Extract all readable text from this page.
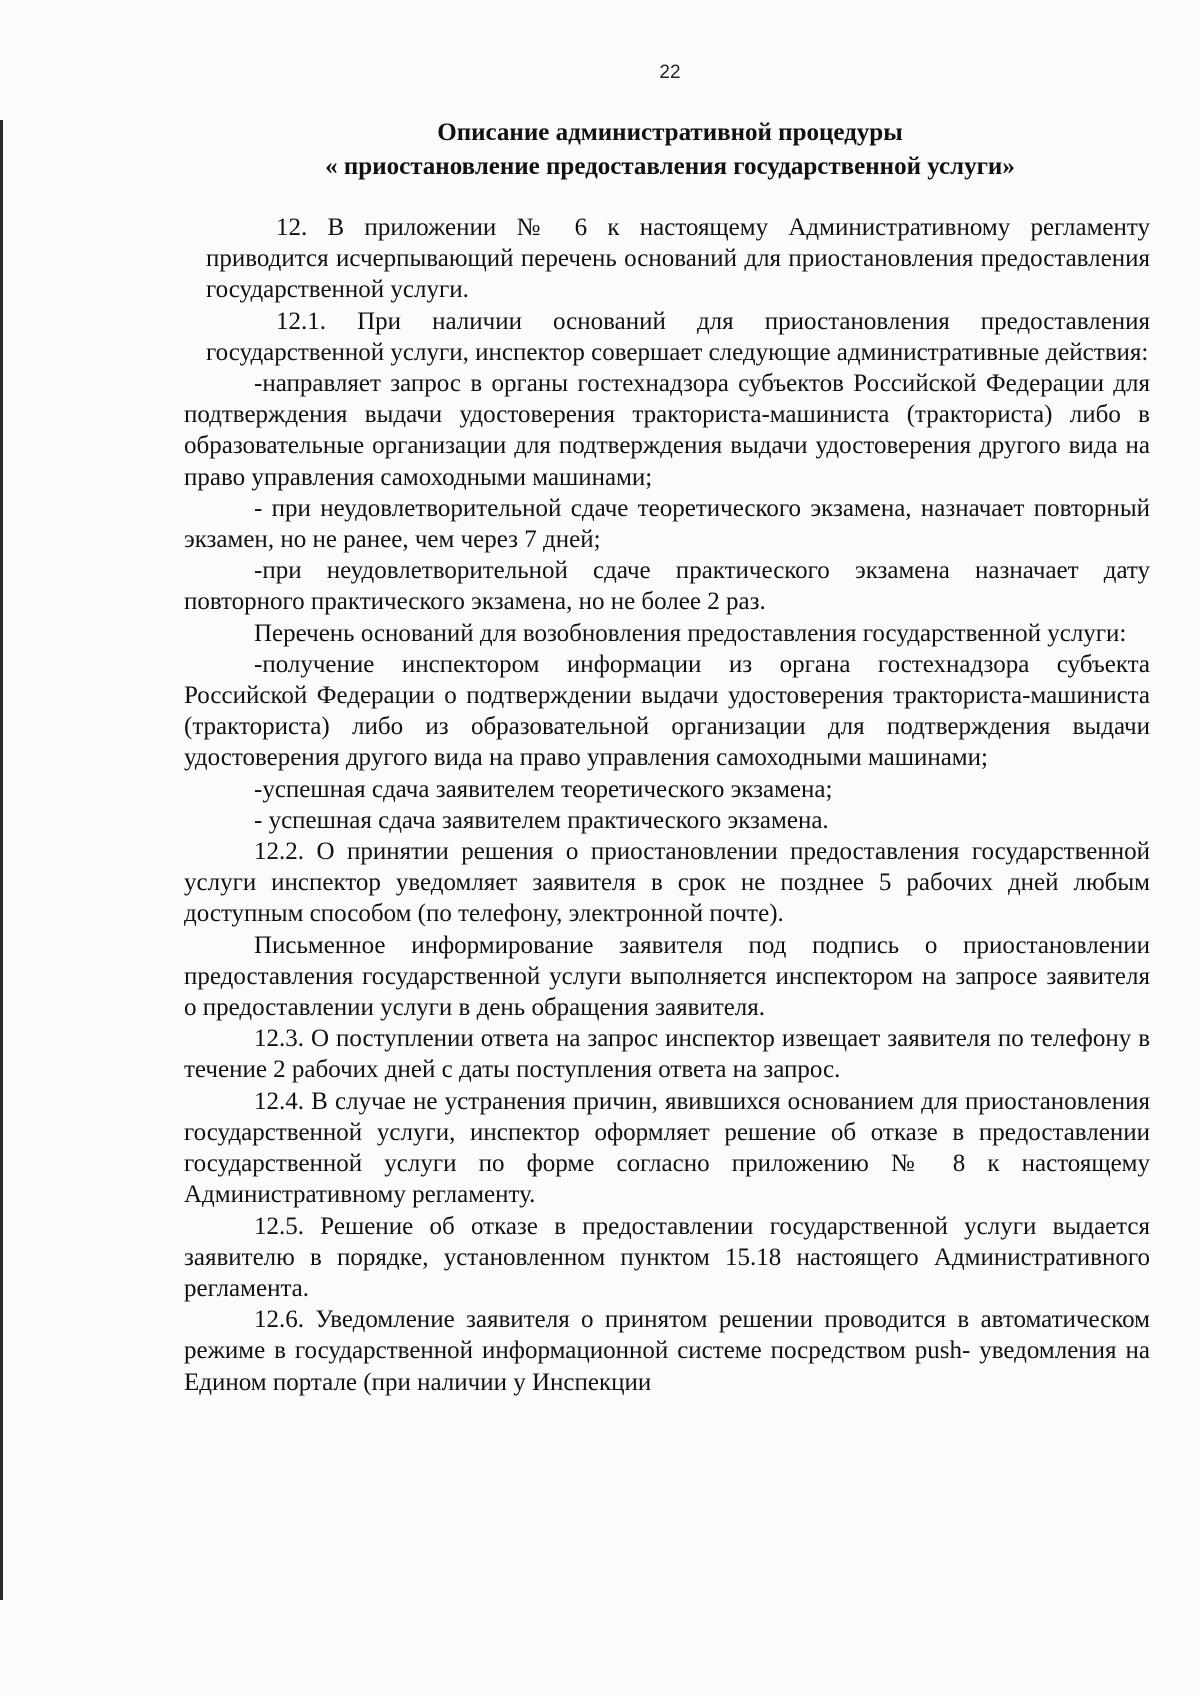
22
Описание административной процедуры
« приостановление предоставления государственной услуги»

12. В приложении № 6 к настоящему Административному регламенту приводится исчерпывающий перечень оснований для приостановления предоставления государственной услуги.

12.1. При наличии оснований для приостановления предоставления государственной услуги, инспектор совершает следующие административные действия:

-направляет запрос в органы гостехнадзора субъектов Российской Федерации для подтверждения выдачи удостоверения тракториста-машиниста (тракториста) либо в образовательные организации для подтверждения выдачи удостоверения другого вида на право управления самоходными машинами;

- при неудовлетворительной сдаче теоретического экзамена, назначает повторный экзамен, но не ранее, чем через 7 дней;

-при неудовлетворительной сдаче практического экзамена назначает дату повторного практического экзамена, но не более 2 раз.

Перечень оснований для возобновления предоставления государственной услуги:

-получение инспектором информации из органа гостехнадзора субъекта Российской Федерации о подтверждении выдачи удостоверения тракториста-машиниста (тракториста) либо из образовательной организации для подтверждения выдачи удостоверения другого вида на право управления самоходными машинами;

-успешная сдача заявителем теоретического экзамена;

- успешная сдача заявителем практического экзамена.

12.2. О принятии решения о приостановлении предоставления государственной услуги инспектор уведомляет заявителя в срок не позднее 5 рабочих дней любым доступным способом (по телефону, электронной почте).

Письменное информирование заявителя под подпись о приостановлении предоставления государственной услуги выполняется инспектором на запросе заявителя о предоставлении услуги в день обращения заявителя.

12.3. О поступлении ответа на запрос инспектор извещает заявителя по телефону в течение 2 рабочих дней с даты поступления ответа на запрос.

12.4. В случае не устранения причин, явившихся основанием для приостановления государственной услуги, инспектор оформляет решение об отказе в предоставлении государственной услуги по форме согласно приложению № 8 к настоящему Административному регламенту.

12.5. Решение об отказе в предоставлении государственной услуги выдается заявителю в порядке, установленном пунктом 15.18 настоящего Административного регламента.

12.6. Уведомление заявителя о принятом решении проводится в автоматическом режиме в государственной информационной системе посредством push- уведомления на Едином портале (при наличии у Инспекции
